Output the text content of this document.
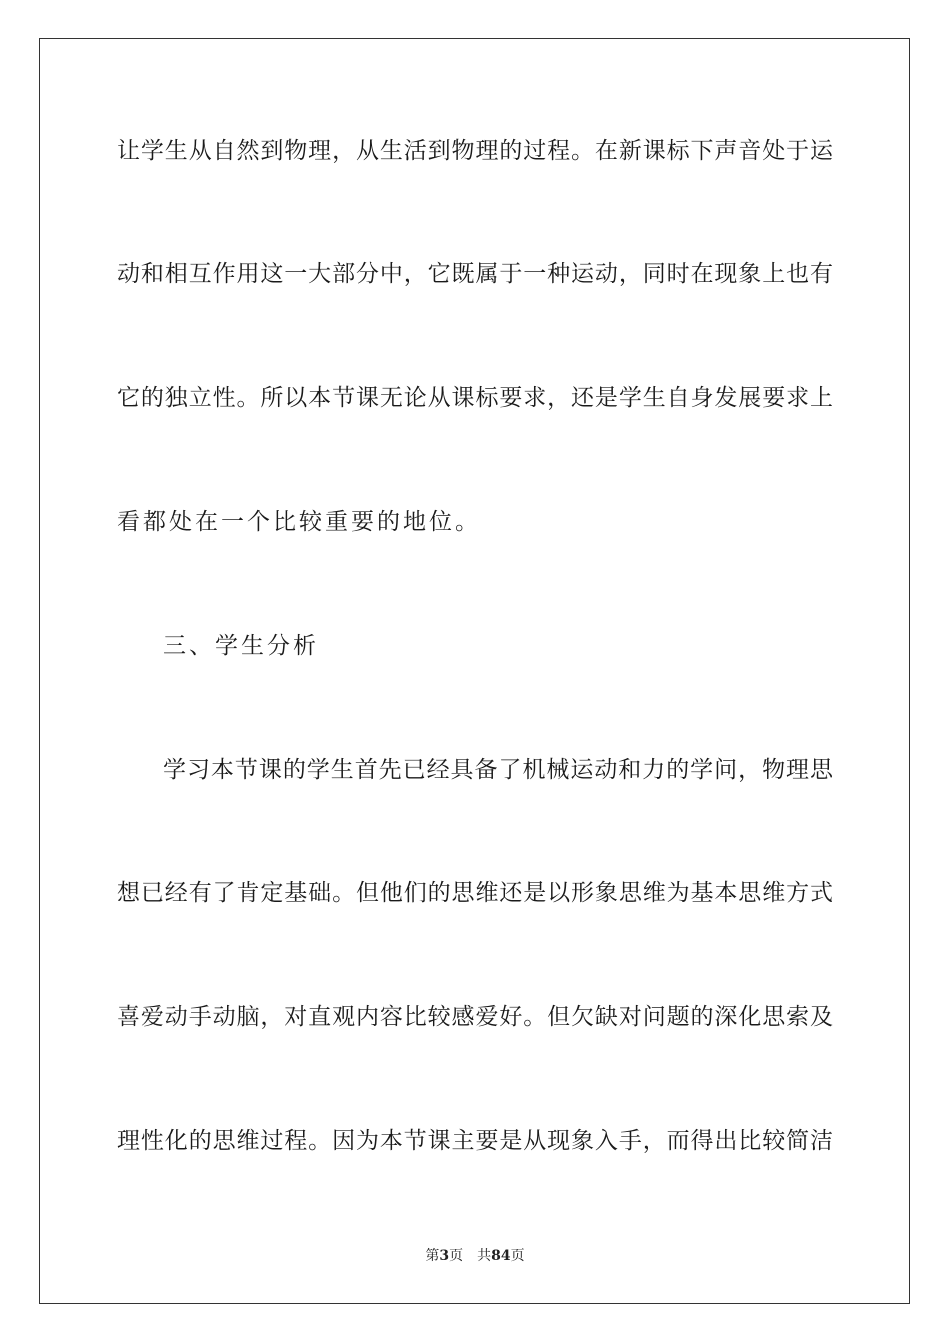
让学生从自然到物理，从生活到物理的过程。在新课标下声音处于运
动和相互作用这一大部分中，它既属于一种运动，同时在现象上也有
它的独立性。所以本节课无论从课标要求，还是学生自身发展要求上
看都处在一个比较重要的地位。
三、学生分析
学习本节课的学生首先已经具备了机械运动和力的学问，物理思
想已经有了肯定基础。但他们的思维还是以形象思维为基本思维方式
喜爱动手动脑，对直观内容比较感爱好。但欠缺对问题的深化思索及
理性化的思维过程。因为本节课主要是从现象入手，而得出比较简洁
第3页 共84页
